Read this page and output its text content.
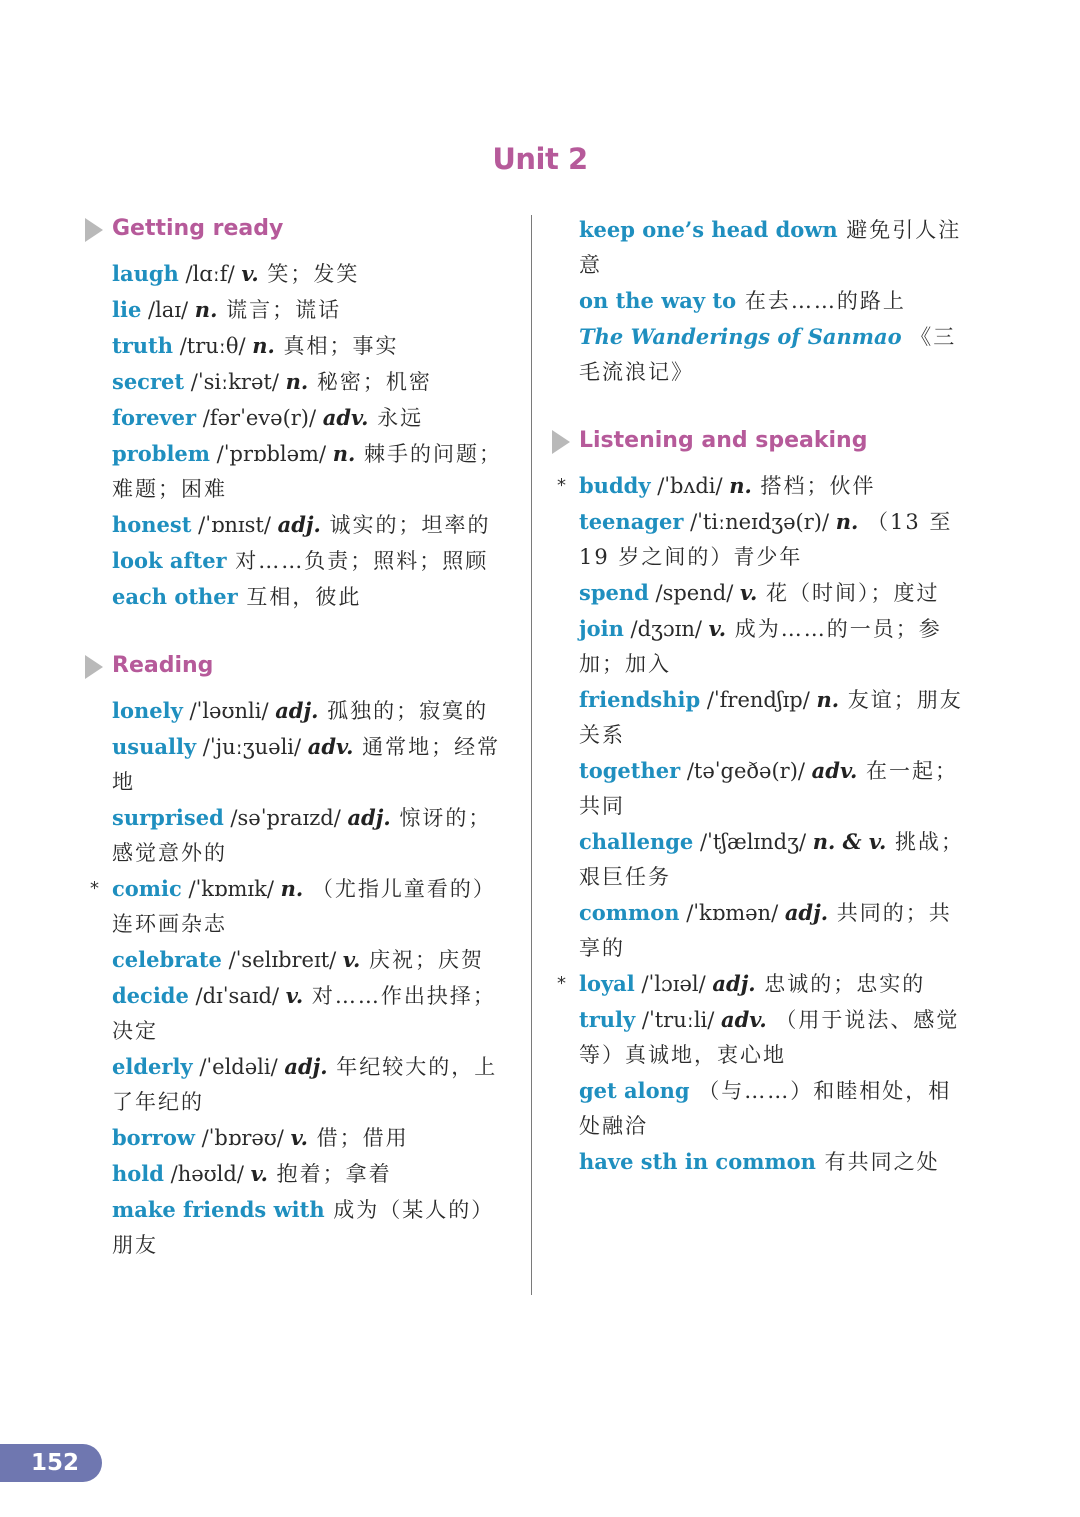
Unit 2
Getting ready
laugh /lɑːf/ v. 笑；发笑
lie /laɪ/ n. 谎言；谎话
truth /truːθ/ n. 真相；事实
secret /ˈsiːkrət/ n. 秘密；机密
forever /fərˈevə(r)/ adv. 永远
problem /ˈprɒbləm/ n. 棘手的问题；难题；困难
honest /ˈɒnɪst/ adj. 诚实的；坦率的
look after 对……负责；照料；照顾
each other 互相，彼此
Reading
lonely /ˈləʊnli/ adj. 孤独的；寂寞的
usually /ˈjuːʒuəli/ adv. 通常地；经常地
surprised /səˈpraɪzd/ adj. 惊讶的；感觉意外的
* comic /ˈkɒmɪk/ n. （尤指儿童看的）连环画杂志
celebrate /ˈselɪbreɪt/ v. 庆祝；庆贺
decide /dɪˈsaɪd/ v. 对……作出抉择；决定
elderly /ˈeldəli/ adj. 年纪较大的，上了年纪的
borrow /ˈbɒrəʊ/ v. 借；借用
hold /həʊld/ v. 抱着；拿着
make friends with 成为（某人的）朋友
keep one’s head down 避免引人注意
on the way to 在去……的路上
The Wanderings of Sanmao 《三毛流浪记》
Listening and speaking
* buddy /ˈbʌdi/ n. 搭档；伙伴
teenager /ˈtiːneɪdʒə(r)/ n. （13 至 19 岁之间的）青少年
spend /spend/ v. 花（时间）；度过
join /dʒɔɪn/ v. 成为……的一员；参加；加入
friendship /ˈfrendʃɪp/ n. 友谊；朋友关系
together /təˈgeðə(r)/ adv. 在一起；共同
challenge /ˈtʃælɪndʒ/ n. & v. 挑战；艰巨任务
common /ˈkɒmən/ adj. 共同的；共享的
* loyal /ˈlɔɪəl/ adj. 忠诚的；忠实的
truly /ˈtruːli/ adv. （用于说法、感觉等）真诚地，衷心地
get along （与……）和睦相处，相处融洽
have sth in common 有共同之处
152
